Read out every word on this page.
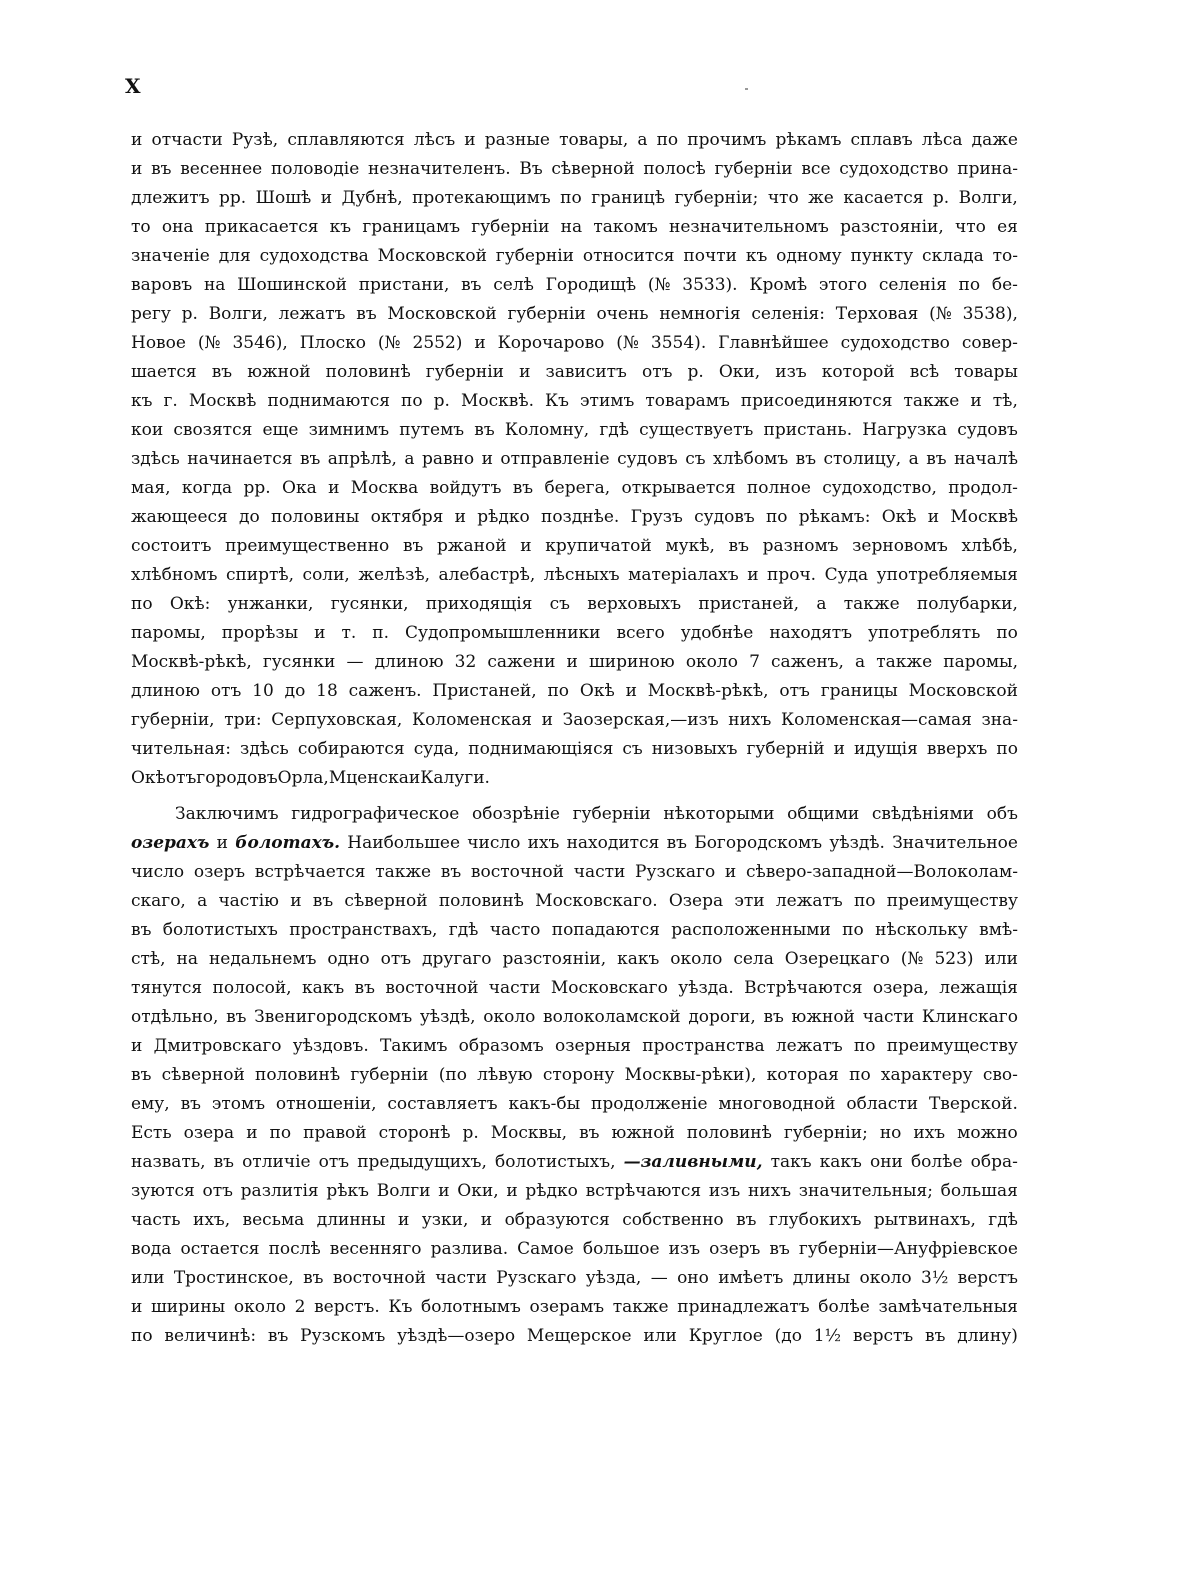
X
и отчасти Рузѣ, сплавляются лѣсъ и разные товары, а по прочимъ рѣкамъ сплавъ лѣса даже
и въ весеннее половодіе незначителенъ. Въ сѣверной полосѣ губерніи все судоходство прина-
длежитъ рр. Шошѣ и Дубнѣ, протекающимъ по границѣ губерніи; что же касается р. Волги,
то она прикасается къ границамъ губерніи на такомъ незначительномъ разстояніи, что ея
значеніе для судоходства Московской губерніи относится почти къ одному пункту склада то-
варовъ на Шошинской пристани, въ селѣ Городищѣ (№ 3533). Кромѣ этого селенія по бе-
регу р. Волги, лежатъ въ Московской губерніи очень немногія селенія: Терховая (№ 3538),
Новое (№ 3546), Плоско (№ 2552) и Корочарово (№ 3554). Главнѣйшее судоходство совер-
шается въ южной половинѣ губерніи и зависитъ отъ р. Оки, изъ которой всѣ товары
къ г. Москвѣ поднимаются по р. Москвѣ. Къ этимъ товарамъ присоединяются также и тѣ,
кои свозятся еще зимнимъ путемъ въ Коломну, гдѣ существуетъ пристань. Нагрузка судовъ
здѣсь начинается въ апрѣлѣ, а равно и отправленіе судовъ съ хлѣбомъ въ столицу, а въ началѣ
мая, когда рр. Ока и Москва войдутъ въ берега, открывается полное судоходство, продол-
жающееся до половины октября и рѣдко позднѣе. Грузъ судовъ по рѣкамъ: Окѣ и Москвѣ
состоитъ преимущественно въ ржаной и крупичатой мукѣ, въ разномъ зерновомъ хлѣбѣ,
хлѣбномъ спиртѣ, соли, желѣзѣ, алебастрѣ, лѣсныхъ матеріалахъ и проч. Суда употребляемыя
по Окѣ: унжанки, гусянки, приходящія съ верховыхъ пристаней, а также полубарки,
паромы, прорѣзы и т. п. Судопромышленники всего удобнѣе находятъ употреблять по
Москвѣ-рѣкѣ, гусянки — длиною 32 сажени и шириною около 7 саженъ, а также паромы,
длиною отъ 10 до 18 саженъ. Пристаней, по Окѣ и Москвѣ-рѣкѣ, отъ границы Московской
губерніи, три: Серпуховская, Коломенская и Заозерская,—изъ нихъ Коломенская—самая зна-
чительная: здѣсь собираются суда, поднимающіяся съ низовыхъ губерній и идущія вверхъ по
Окѣ отъ городовъ Орла, Мценска и Калуги.
Заключимъ гидрографическое обозрѣніе губерніи нѣкоторыми общими свѣдѣніями объ
озерахъ и болотахъ. Наибольшее число ихъ находится въ Богородскомъ уѣздѣ. Значительное
число озеръ встрѣчается также въ восточной части Рузскаго и сѣверо-западной—Волоколам-
скаго, а частію и въ сѣверной половинѣ Московскаго. Озера эти лежатъ по преимуществу
въ болотистыхъ пространствахъ, гдѣ часто попадаются расположенными по нѣскольку вмѣ-
стѣ, на недальнемъ одно отъ другаго разстояніи, какъ около села Озерецкаго (№ 523) или
тянутся полосой, какъ въ восточной части Московскаго уѣзда. Встрѣчаются озера, лежащія
отдѣльно, въ Звенигородскомъ уѣздѣ, около волоколамской дороги, въ южной части Клинскаго
и Дмитровскаго уѣздовъ. Такимъ образомъ озерныя пространства лежатъ по преимуществу
въ сѣверной половинѣ губерніи (по лѣвую сторону Москвы-рѣки), которая по характеру сво-
ему, въ этомъ отношеніи, составляетъ какъ-бы продолженіе многоводной области Тверской.
Есть озера и по правой сторонѣ р. Москвы, въ южной половинѣ губерніи; но ихъ можно
назвать, въ отличіе отъ предыдущихъ, болотистыхъ, —заливными, такъ какъ они болѣе обра-
зуются отъ разлитія рѣкъ Волги и Оки, и рѣдко встрѣчаются изъ нихъ значительныя; большая
часть ихъ, весьма длинны и узки, и образуются собственно въ глубокихъ рытвинахъ, гдѣ
вода остается послѣ весенняго разлива. Самое большое изъ озеръ въ губерніи—Ануфріевское
или Тростинское, въ восточной части Рузскаго уѣзда, — оно имѣетъ длины около 3½ верстъ
и ширины около 2 верстъ. Къ болотнымъ озерамъ также принадлежатъ болѣе замѣчательныя
по величинѣ: въ Рузскомъ уѣздѣ—озеро Мещерское или Круглое (до 1½ верстъ въ длину)
